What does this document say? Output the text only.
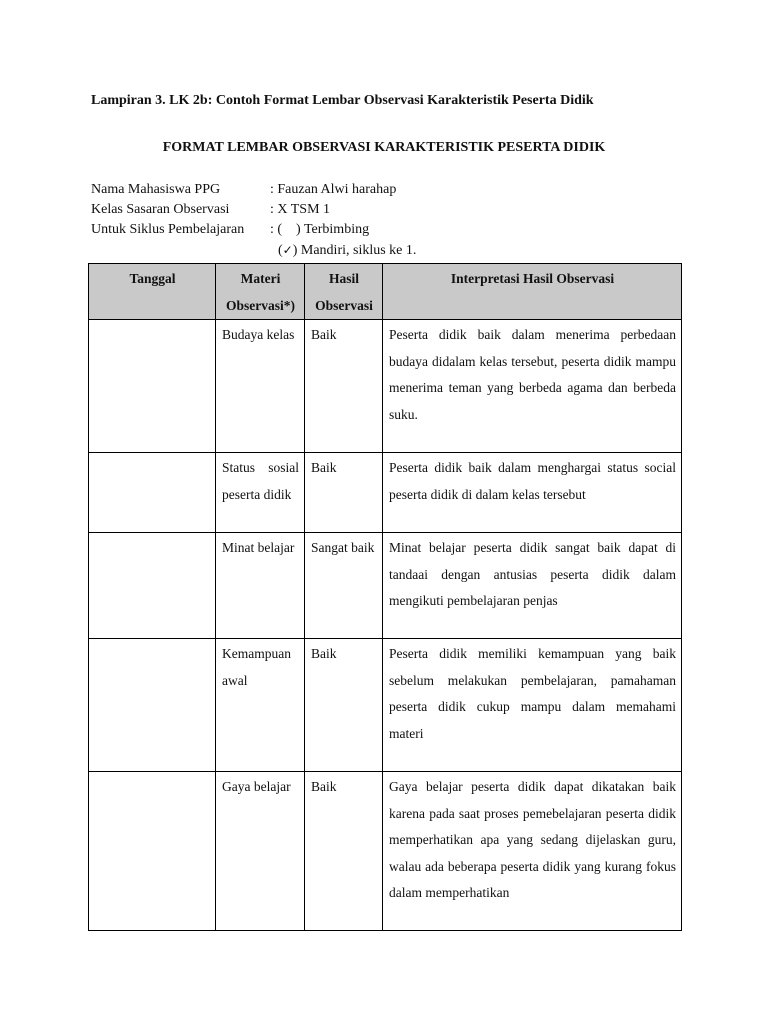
Lampiran 3. LK 2b: Contoh Format Lembar Observasi Karakteristik Peserta Didik
FORMAT LEMBAR OBSERVASI KARAKTERISTIK PESERTA DIDIK
Nama Mahasiswa PPG	: Fauzan Alwi harahap
Kelas Sasaran Observasi	: X TSM 1
Untuk Siklus Pembelajaran : (    ) Terbimbing
(✓) Mandiri, siklus ke 1.
Tanggal	Materi Observasi*)	Hasil Observasi	Interpretasi Hasil Observasi
	Budaya kelas	Baik	Peserta didik baik dalam menerima perbedaan budaya didalam kelas tersebut, peserta didik mampu menerima teman yang berbeda agama dan berbeda suku.
	Status sosial peserta didik	Baik	Peserta didik baik dalam menghargai status social peserta didik di dalam kelas tersebut
	Minat belajar	Sangat baik	Minat belajar peserta didik sangat baik dapat di tandaai dengan antusias peserta didik dalam mengikuti pembelajaran penjas
	Kemampuan awal	Baik	Peserta didik memiliki kemampuan yang baik sebelum melakukan pembelajaran, pamahaman peserta didik cukup mampu dalam memahami materi
	Gaya belajar	Baik	Gaya belajar peserta didik dapat dikatakan baik karena pada saat proses pemebelajaran peserta didik memperhatikan apa yang sedang dijelaskan guru, walau ada beberapa peserta didik yang kurang fokus dalam memperhatikan
